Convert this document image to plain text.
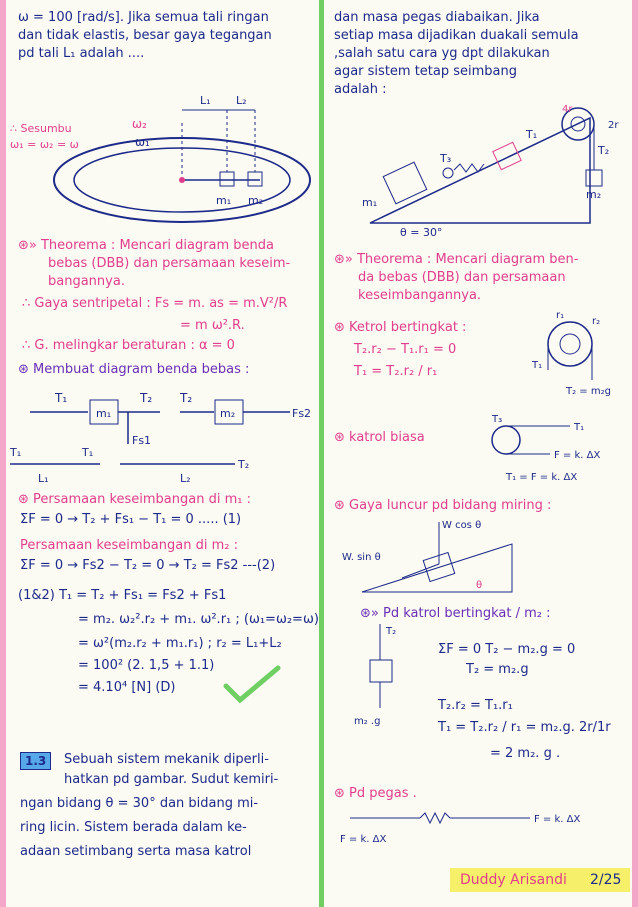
ω = 100 [rad/s]. Jika semua tali ringan
dan tidak elastis, besar gaya tegangan
pd tali L₁ adalah ....
∴ Sesumbu
ω₁ = ω₂ = ω
ω₂
ω₁
L₁ L₂
m₁ m₂
⊛» Theorema : Mencari diagram benda
bebas (DBB) dan persamaan keseim-
bangannya.
∴ Gaya sentripetal : Fs = m. as = m.V²/R
= m ω².R.
∴ G. melingkar beraturan : α = 0
⊛ Membuat diagram benda bebas :
T₁
m₁
T₂ T₂
m₂	Fs2
Fs1
L₁	L₂
T₁	T₁
T₂
⊛ Persamaan keseimbangan di m₁ :
ΣF = 0 → T₂ + Fs₁ − T₁ = 0 ..... (1)
Persamaan keseimbangan di m₂ :
ΣF = 0 → Fs2 − T₂ = 0 → T₂ = Fs2 ---(2)
(1&2) T₁ = T₂ + Fs₁ = Fs2 + Fs1
= m₂. ω₂².r₂ + m₁. ω².r₁ ; (ω₁=ω₂=ω)
= ω²(m₂.r₂ + m₁.r₁) ; r₂ = L₁+L₂
= 100² (2. 1,5 + 1.1)
= 4.10⁴ [N] (D)
1.3	Sebuah sistem mekanik diperli-
hatkan pd gambar. Sudut kemiri-
ngan bidang θ = 30° dan bidang mi-
ring licin. Sistem berada dalam ke-
adaan setimbang serta masa katrol
dan masa pegas diabaikan. Jika
setiap masa dijadikan duakali semula
,salah satu cara yg dpt dilakukan
agar sistem tetap seimbang
adalah :
4r
2r
T₁
T₂
T₃
m₁
m₂
θ = 30°
⊛» Theorema : Mencari diagram ben-
da bebas (DBB) dan persamaan
keseimbangannya.
⊛ Ketrol bertingkat :
T₂.r₂ − T₁.r₁ = 0
T₁ = T₂.r₂ / r₁
r₁
r₂
T₁
T₂ = m₂g
⊛ katrol biasa
T₃
T₁
F = k. ΔX
T₁ = F = k. ΔX
⊛ Gaya luncur pd bidang miring :
W cos θ
W. sin θ
θ
⊛» Pd katrol bertingkat / m₂ :
T₂
m₂ .g
ΣF = 0 T₂ − m₂.g = 0
T₂ = m₂.g
T₂.r₂ = T₁.r₁
T₁ = T₂.r₂ / r₁ = m₂.g. 2r/1r
= 2 m₂. g .
⊛ Pd pegas .
F = k. ΔX
F = k. ΔX
Duddy Arisandi 2/25
